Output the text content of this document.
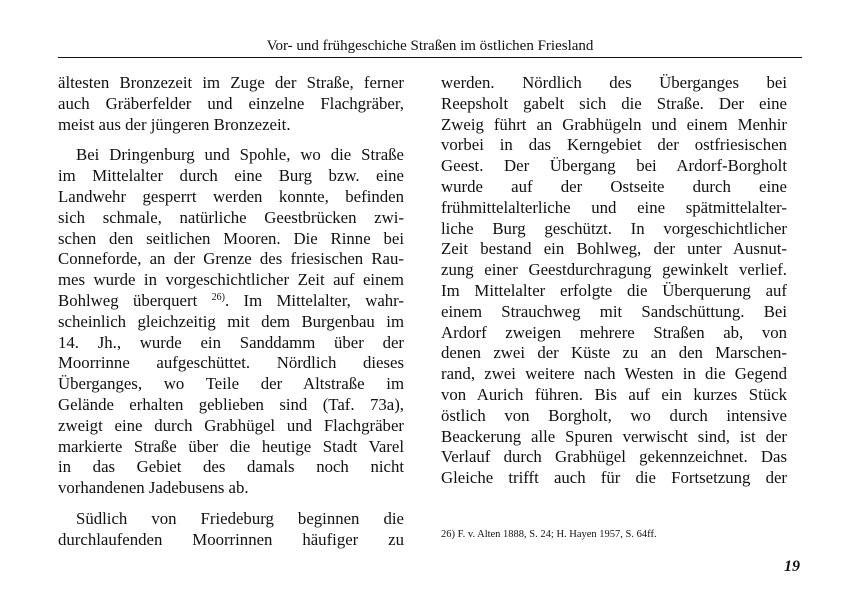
Vor- und frühgeschiche Straßen im östlichen Friesland

ältesten Bronzezeit im Zuge der Straße, ferner

auch Gräberfelder und einzelne Flachgräber,

meist aus der jüngeren Bronzezeit.

Bei Dringenburg und Spohle, wo die Straße

im Mittelalter durch eine Burg bzw. eine

Landwehr gesperrt werden konnte, befinden

sich schmale, natürliche Geestbrücken zwi-

schen den seitlichen Mooren. Die Rinne bei

Conneforde, an der Grenze des friesischen Rau-

mes wurde in vorgeschichtlicher Zeit auf einem

Bohlweg überquert $^{26)}$. Im Mittelalter, wahr-

scheinlich gleichzeitig mit dem Burgenbau im

14. Jh., wurde ein Sanddamm über der

Moorrinne aufgeschüttet. Nördlich dieses

Überganges, wo Teile der Altstraße im

Gelände erhalten geblieben sind (Taf. 73a),

zweigt eine durch Grabhügel und Flachgräber

markierte Straße über die heutige Stadt Varel

in das Gebiet des damals noch nicht

vorhandenen Jadebusens ab.

Südlich von Friedeburg beginnen die

durchlaufenden Moorrinnen häufiger zu

werden. Nördlich des Überganges bei

Reepsholt gabelt sich die Straße. Der eine

Zweig führt an Grabhügeln und einem Menhir

vorbei in das Kerngebiet der ostfriesischen

Geest. Der Übergang bei Ardorf-Borgholt

wurde auf der Ostseite durch eine

frühmittelalterliche und eine spätmittelalter-

liche Burg geschützt. In vorgeschichtlicher

Zeit bestand ein Bohlweg, der unter Ausnut-

zung einer Geestdurchragung gewinkelt verlief.

Im Mittelalter erfolgte die Überquerung auf

einem Strauchweg mit Sandschüttung. Bei

Ardorf zweigen mehrere Straßen ab, von

denen zwei der Küste zu an den Marschen-

rand, zwei weitere nach Westen in die Gegend

von Aurich führen. Bis auf ein kurzes Stück

östlich von Borgholt, wo durch intensive

Beackerung alle Spuren verwischt sind, ist der

Verlauf durch Grabhügel gekennzeichnet. Das

Gleiche trifft auch für die Fortsetzung der

26) F. v. Alten 1888, S. 24; H. Hayen 1957, S. 64ff.
19
